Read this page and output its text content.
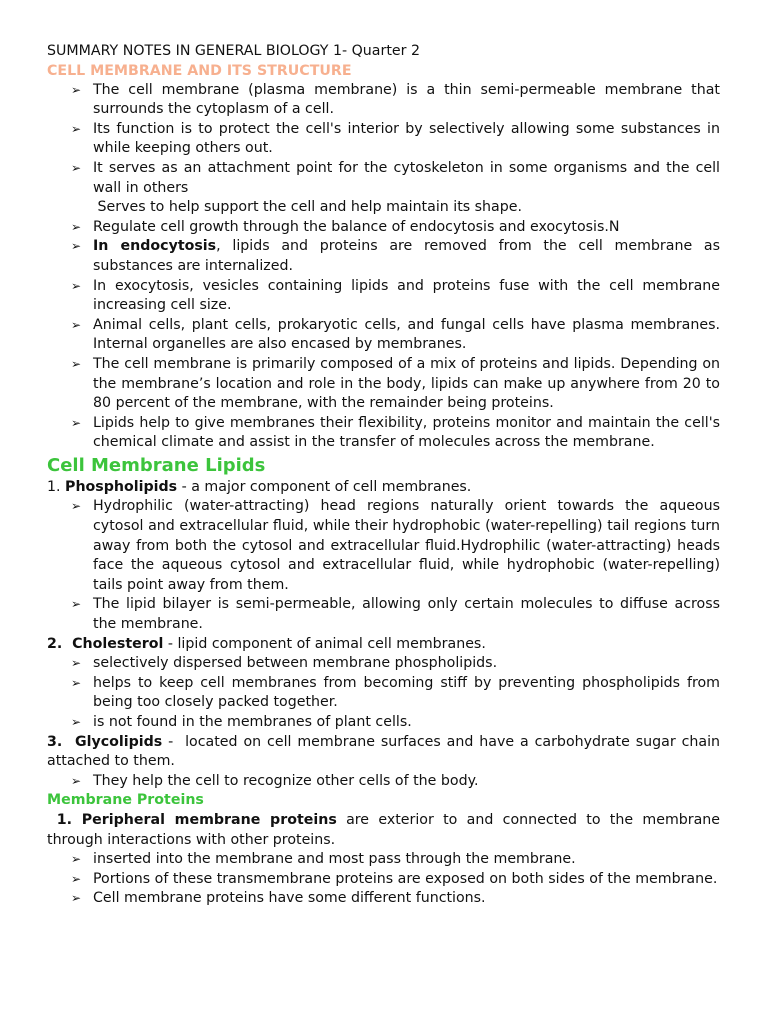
SUMMARY NOTES IN GENERAL BIOLOGY 1- Quarter 2

CELL MEMBRANE AND ITS STRUCTURE

➢ The cell membrane (plasma membrane) is a thin semi-permeable membrane that surrounds the cytoplasm of a cell.
➢ Its function is to protect the cell's interior by selectively allowing some substances in while keeping others out.
➢ It serves as an attachment point for the cytoskeleton in some organisms and the cell wall in others
Serves to help support the cell and help maintain its shape.
➢ Regulate cell growth through the balance of endocytosis and exocytosis.N
➢ In endocytosis, lipids and proteins are removed from the cell membrane as substances are internalized.
➢ In exocytosis, vesicles containing lipids and proteins fuse with the cell membrane increasing cell size.
➢ Animal cells, plant cells, prokaryotic cells, and fungal cells have plasma membranes. Internal organelles are also encased by membranes.
➢ The cell membrane is primarily composed of a mix of proteins and lipids. Depending on the membrane’s location and role in the body, lipids can make up anywhere from 20 to 80 percent of the membrane, with the remainder being proteins.
➢ Lipids help to give membranes their flexibility, proteins monitor and maintain the cell's chemical climate and assist in the transfer of molecules across the membrane.

Cell Membrane Lipids

1. Phospholipids - a major component of cell membranes.

➢ Hydrophilic (water-attracting) head regions naturally orient towards the aqueous cytosol and extracellular fluid, while their hydrophobic (water-repelling) tail regions turn away from both the cytosol and extracellular fluid.Hydrophilic (water-attracting) heads face the aqueous cytosol and extracellular fluid, while hydrophobic (water-repelling) tails point away from them.
➢ The lipid bilayer is semi-permeable, allowing only certain molecules to diffuse across the membrane.

2.  Cholesterol - lipid component of animal cell membranes.

➢ selectively dispersed between membrane phospholipids.
➢ helps to keep cell membranes from becoming stiff by preventing phospholipids from being too closely packed together.
➢ is not found in the membranes of plant cells.

3.  Glycolipids -  located on cell membrane surfaces and have a carbohydrate sugar chain attached to them.

➢ They help the cell to recognize other cells of the body.

Membrane Proteins

1. Peripheral membrane proteins are exterior to and connected to the membrane through interactions with other proteins.

➢ inserted into the membrane and most pass through the membrane.
➢ Portions of these transmembrane proteins are exposed on both sides of the membrane.
➢ Cell membrane proteins have some different functions.
